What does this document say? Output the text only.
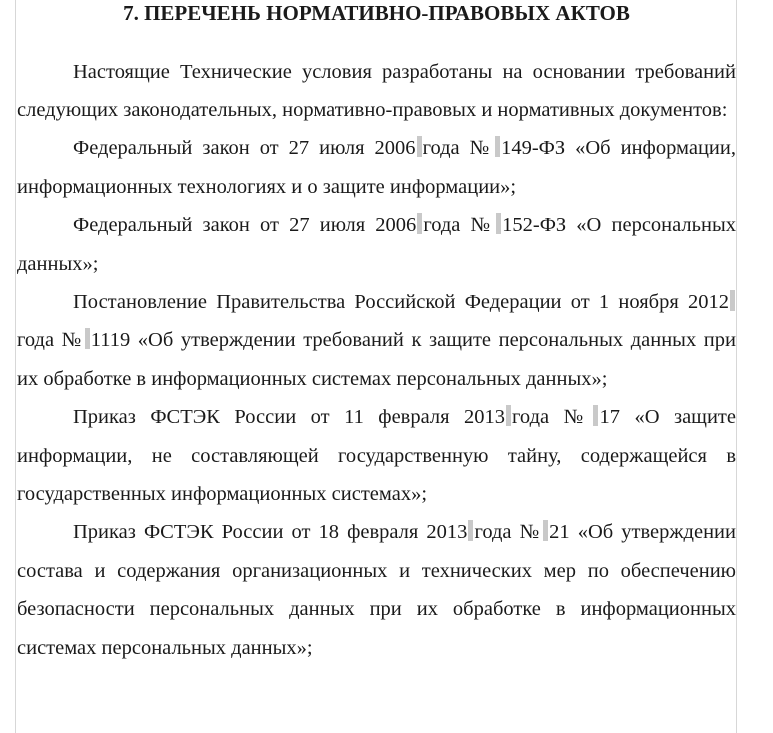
7. ПЕРЕЧЕНЬ НОРМАТИВНО-ПРАВОВЫХ АКТОВ

Настоящие Технические условия разработаны на основании требований следующих законодательных, нормативно-правовых и нормативных документов:

Федеральный закон от 27 июля 2006 года № 149-ФЗ «Об информации, информационных технологиях и о защите информации»;

Федеральный закон от 27 июля 2006 года № 152-ФЗ «О персональных данных»;

Постановление Правительства Российской Федерации от 1 ноября 2012года № 1119 «Об утверждении требований к защите персональных данных при их обработке в информационных системах персональных данных»;

Приказ ФСТЭК России от 11 февраля 2013 года № 17 «О защите информации, не составляющей государственную тайну, содержащейся в государственных информационных системах»;

Приказ ФСТЭК России от 18 февраля 2013 года № 21 «Об утверждении состава и содержания организационных и технических мер по обеспечению безопасности персональных данных при их обработке в информационных системах персональных данных»;
